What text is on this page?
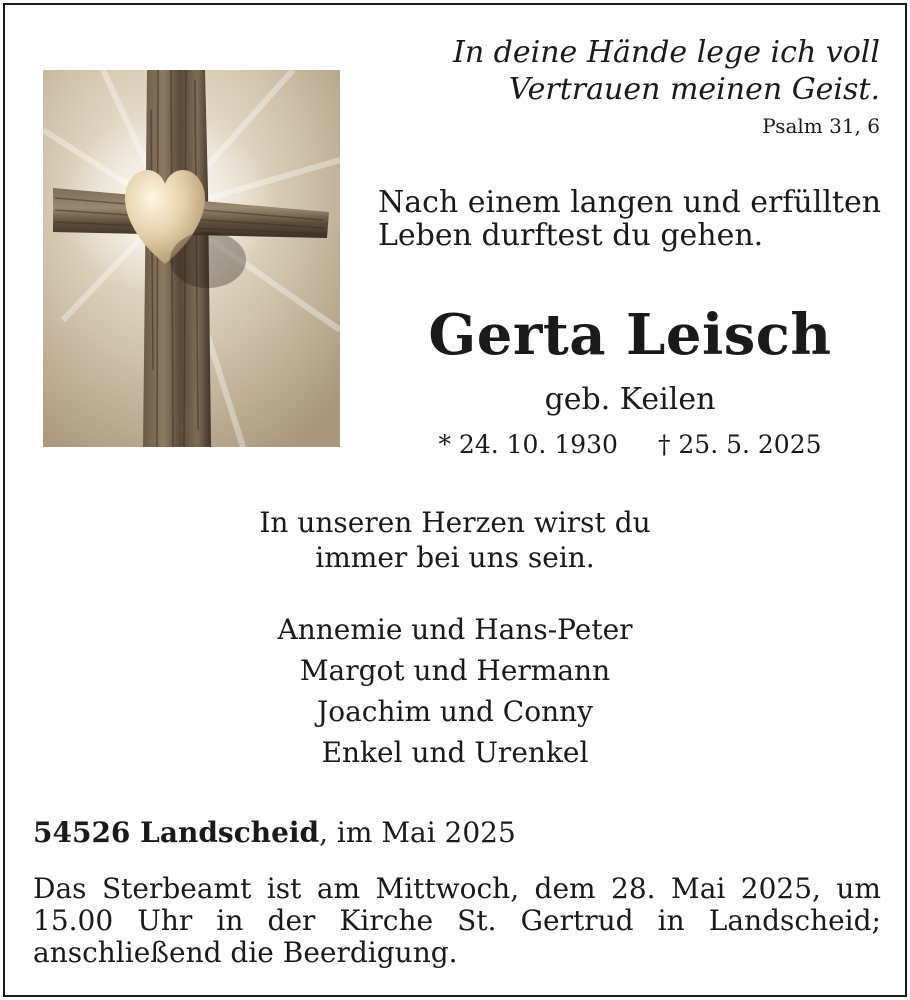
In deine Hände lege ich voll
Vertrauen meinen Geist.

Psalm 31, 6

Nach einem langen und erfüllten
Leben durftest du gehen.

Gerta Leisch

geb. Keilen

* 24. 10. 1930 † 25. 5. 2025

In unseren Herzen wirst du
immer bei uns sein.

Annemie und Hans-Peter
Margot und Hermann
Joachim und Conny
Enkel und Urenkel

54526 Landscheid, im Mai 2025

Das Sterbeamt ist am Mittwoch, dem 28. Mai 2025, um
15.00 Uhr in der Kirche St. Gertrud in Landscheid;
anschließend die Beerdigung.
